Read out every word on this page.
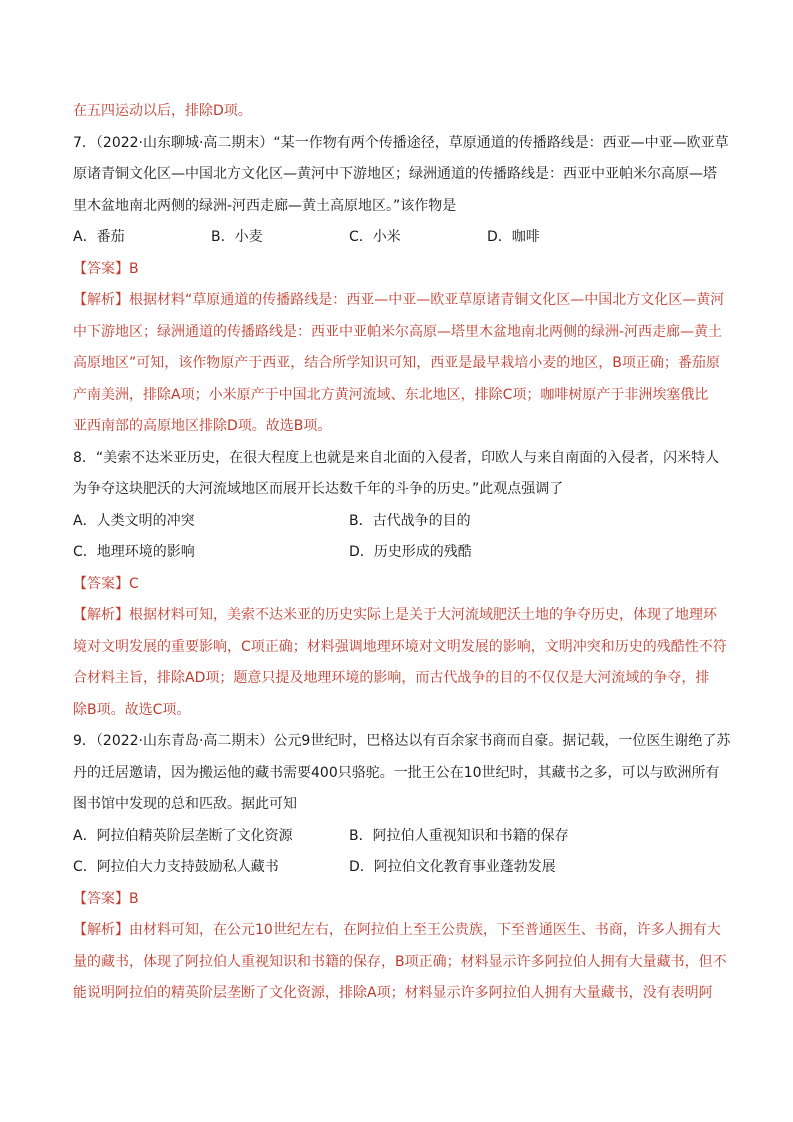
在五四运动以后，排除D项。
7．（2022·山东聊城·高二期末）“某一作物有两个传播途径，草原通道的传播路线是：西亚—中亚—欧亚草
原诸青铜文化区—中国北方文化区—黄河中下游地区；绿洲通道的传播路线是：西亚中亚帕米尔高原—塔
里木盆地南北两侧的绿洲-河西走廊—黄土高原地区。”该作物是
A．番茄	B．小麦	C．小米	D．咖啡
【答案】B
【解析】根据材料“草原通道的传播路线是：西亚—中亚—欧亚草原诸青铜文化区—中国北方文化区—黄河
中下游地区；绿洲通道的传播路线是：西亚中亚帕米尔高原—塔里木盆地南北两侧的绿洲-河西走廊—黄土
高原地区”可知，该作物原产于西亚，结合所学知识可知，西亚是最早栽培小麦的地区，B项正确；番茄原
产南美洲，排除A项；小米原产于中国北方黄河流域、东北地区，排除C项；咖啡树原产于非洲埃塞俄比
亚西南部的高原地区排除D项。故选B项。
8．“美索不达米亚历史，在很大程度上也就是来自北面的入侵者，印欧人与来自南面的入侵者，闪米特人
为争夺这块肥沃的大河流域地区而展开长达数千年的斗争的历史。”此观点强调了
A．人类文明的冲突	B．古代战争的目的
C．地理环境的影响	D．历史形成的残酷
【答案】C
【解析】根据材料可知，美索不达米亚的历史实际上是关于大河流域肥沃土地的争夺历史，体现了地理环
境对文明发展的重要影响，C项正确；材料强调地理环境对文明发展的影响，文明冲突和历史的残酷性不符
合材料主旨，排除AD项；题意只提及地理环境的影响，而古代战争的目的不仅仅是大河流域的争夺，排
除B项。故选C项。
9．（2022·山东青岛·高二期末）公元9世纪时，巴格达以有百余家书商而自豪。据记载，一位医生谢绝了苏
丹的迁居邀请，因为搬运他的藏书需要400只骆驼。一批王公在10世纪时，其藏书之多，可以与欧洲所有
图书馆中发现的总和匹敌。据此可知
A．阿拉伯精英阶层垄断了文化资源	B．阿拉伯人重视知识和书籍的保存
C．阿拉伯大力支持鼓励私人藏书	D．阿拉伯文化教育事业蓬勃发展
【答案】B
【解析】由材料可知，在公元10世纪左右，在阿拉伯上至王公贵族，下至普通医生、书商，许多人拥有大
量的藏书，体现了阿拉伯人重视知识和书籍的保存，B项正确；材料显示许多阿拉伯人拥有大量藏书，但不
能说明阿拉伯的精英阶层垄断了文化资源，排除A项；材料显示许多阿拉伯人拥有大量藏书，没有表明阿
